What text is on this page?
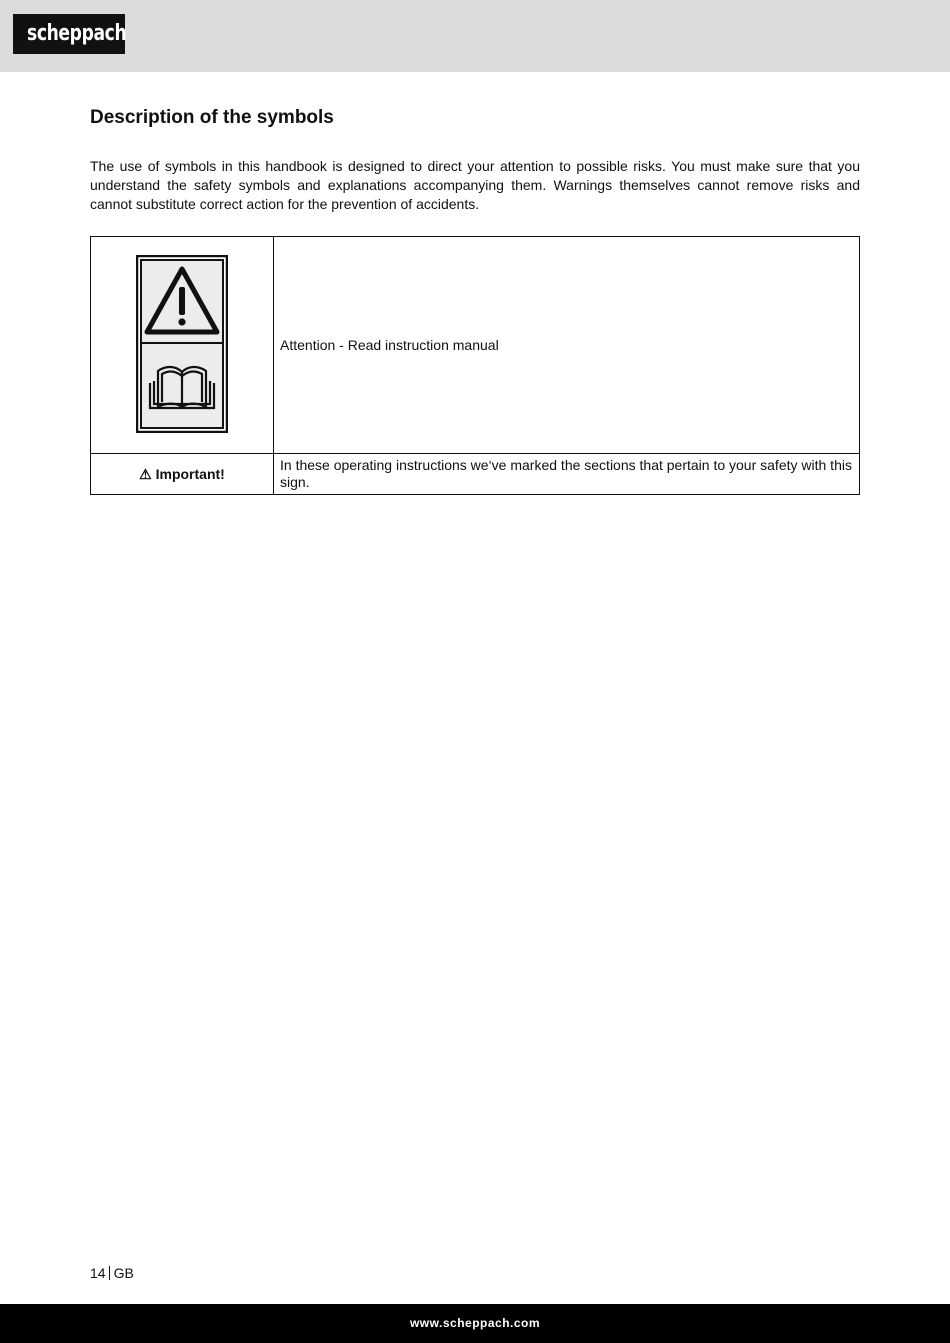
scheppach
Description of the symbols

The use of symbols in this handbook is designed to direct your attention to possible risks. You must make sure that you understand the safety symbols and explanations accompanying them. Warnings themselves cannot remove risks and cannot substitute correct action for the prevention of accidents.

	Attention - Read instruction manual
⚠ Important!	In these operating instructions we‘ve marked the sections that pertain to your safety with this sign.
14 GB
www.scheppach.com
